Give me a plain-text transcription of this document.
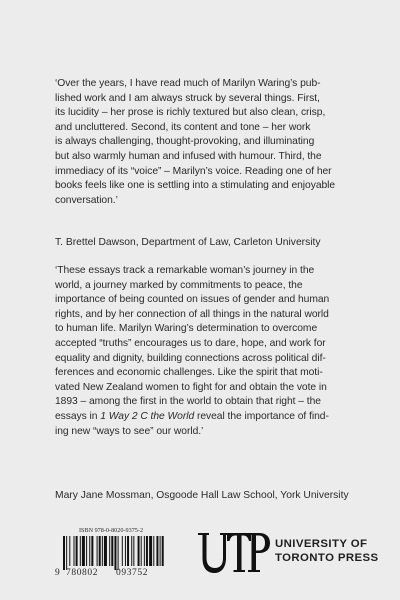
‘Over the years, I have read much of Marilyn Waring’s pub-
lished work and I am always struck by several things. First,
its lucidity – her prose is richly textured but also clean, crisp,
and uncluttered. Second, its content and tone – her work
is always challenging, thought-provoking, and illuminating
but also warmly human and infused with humour. Third, the
immediacy of its “voice” – Marilyn’s voice. Reading one of her
books feels like one is settling into a stimulating and enjoyable
conversation.’

T. Brettel Dawson, Department of Law, Carleton University

‘These essays track a remarkable woman’s journey in the
world, a journey marked by commitments to peace, the
importance of being counted on issues of gender and human
rights, and by her connection of all things in the natural world
to human life. Marilyn Waring’s determination to overcome
accepted “truths” encourages us to dare, hope, and work for
equality and dignity, building connections across political dif-
ferences and economic challenges. Like the spirit that moti-
vated New Zealand women to fight for and obtain the vote in
1893 – among the first in the world to obtain that right – the
essays in 1 Way 2 C the World reveal the importance of find-
ing new “ways to see” our world.’

Mary Jane Mossman, Osgoode Hall Law School, York University
ISBN 978-0-8020-9375-2
9 780802 093752
UNIVERSITY OF
TORONTO PRESS
